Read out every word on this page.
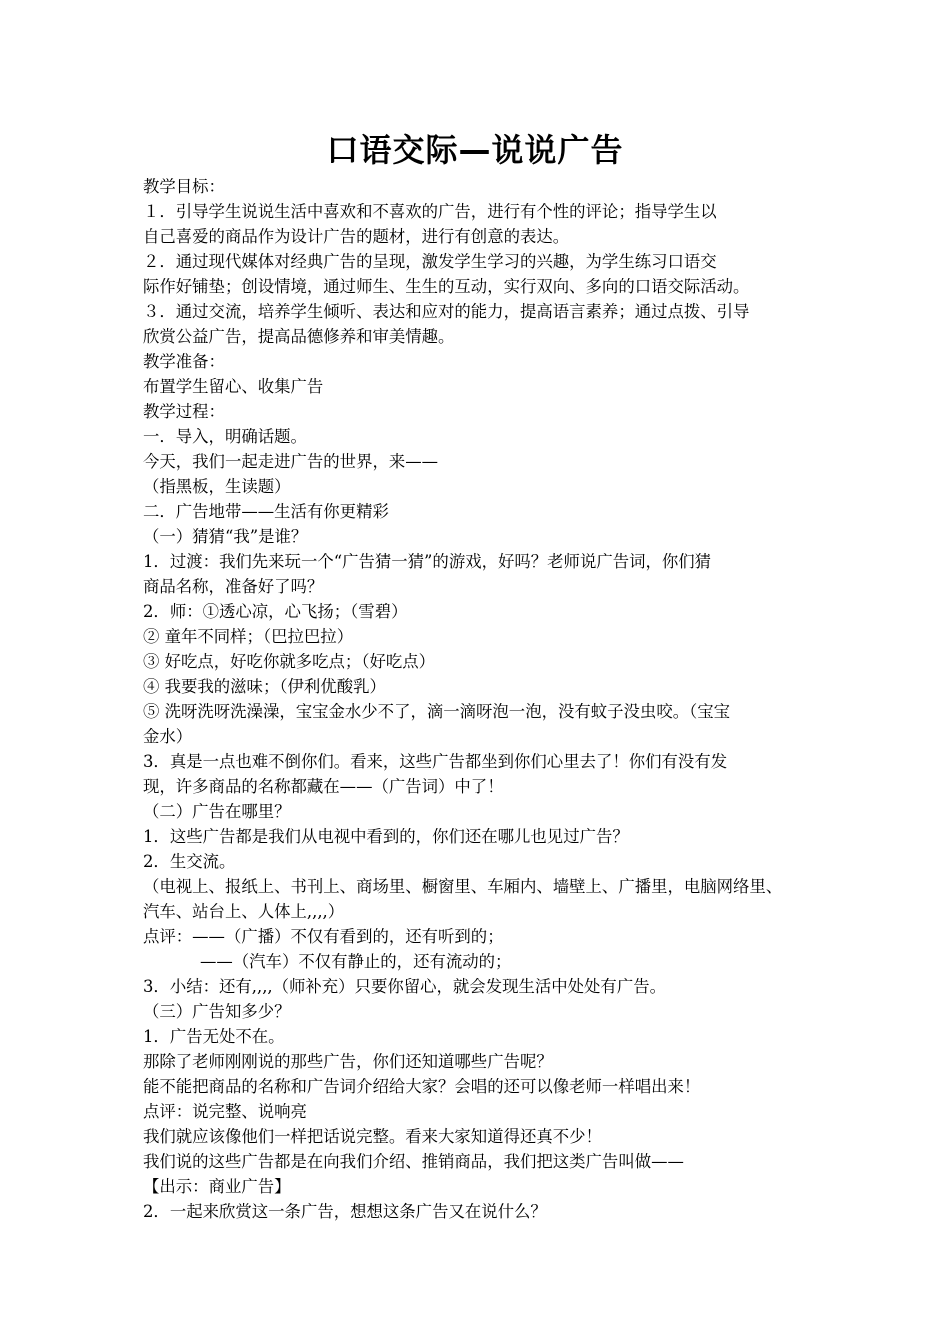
口语交际—说说广告
教学目标：
１．引导学生说说生活中喜欢和不喜欢的广告，进行有个性的评论；指导学生以
自己喜爱的商品作为设计广告的题材，进行有创意的表达。
２．通过现代媒体对经典广告的呈现，激发学生学习的兴趣，为学生练习口语交
际作好铺垫；创设情境，通过师生、生生的互动，实行双向、多向的口语交际活动。
３．通过交流，培养学生倾听、表达和应对的能力，提高语言素养；通过点拨、引导
欣赏公益广告，提高品德修养和审美情趣。
教学准备：
布置学生留心、收集广告
教学过程：
一．导入，明确话题。
今天，我们一起走进广告的世界，来——
（指黑板，生读题）
二．广告地带——生活有你更精彩
（一）猜猜“我”是谁？
1．过渡：我们先来玩一个“广告猜一猜”的游戏，好吗？老师说广告词，你们猜
商品名称，准备好了吗？
2．师：①透心凉，心飞扬；（雪碧）
② 童年不同样；（巴拉巴拉）
③ 好吃点，好吃你就多吃点；（好吃点）
④ 我要我的滋味；（伊利优酸乳）
⑤ 洗呀洗呀洗澡澡，宝宝金水少不了，滴一滴呀泡一泡，没有蚊子没虫咬。（宝宝
金水）
3．真是一点也难不倒你们。看来，这些广告都坐到你们心里去了！你们有没有发
现，许多商品的名称都藏在——（广告词）中了！
（二）广告在哪里？
1．这些广告都是我们从电视中看到的，你们还在哪儿也见过广告？
2．生交流。
（电视上、报纸上、书刊上、商场里、橱窗里、车厢内、墙壁上、广播里，电脑网络里、
汽车、站台上、人体上,,,,）
点评：——（广播）不仅有看到的，还有听到的；
——（汽车）不仅有静止的，还有流动的；
3．小结：还有,,,,（师补充）只要你留心，就会发现生活中处处有广告。
（三）广告知多少？
1．广告无处不在。
那除了老师刚刚说的那些广告，你们还知道哪些广告呢？
能不能把商品的名称和广告词介绍给大家？会唱的还可以像老师一样唱出来！
点评：说完整、说响亮
我们就应该像他们一样把话说完整。看来大家知道得还真不少！
我们说的这些广告都是在向我们介绍、推销商品，我们把这类广告叫做——
【出示：商业广告】
2．一起来欣赏这一条广告，想想这条广告又在说什么？
